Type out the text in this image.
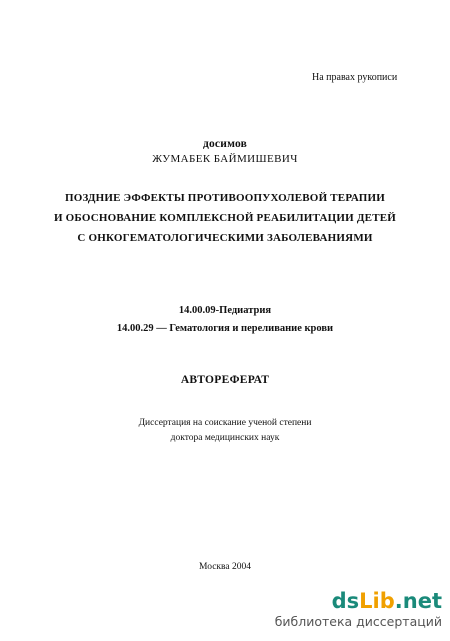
На правах рукописи
досимов
ЖУМАБЕК БАЙМИШЕВИЧ
ПОЗДНИЕ ЭФФЕКТЫ ПРОТИВООПУХОЛЕВОЙ ТЕРАПИИ
И ОБОСНОВАНИЕ КОМПЛЕКСНОЙ РЕАБИЛИТАЦИИ ДЕТЕЙ
С ОНКОГЕМАТОЛОГИЧЕСКИМИ ЗАБОЛЕВАНИЯМИ
14.00.09-Педиатрия
14.00.29 — Гематология и переливание крови
АВТОРЕФЕРАТ
Диссертация на соискание ученой степени
доктора медицинских наук
Москва 2004
dsLib.net
библиотека диссертаций
